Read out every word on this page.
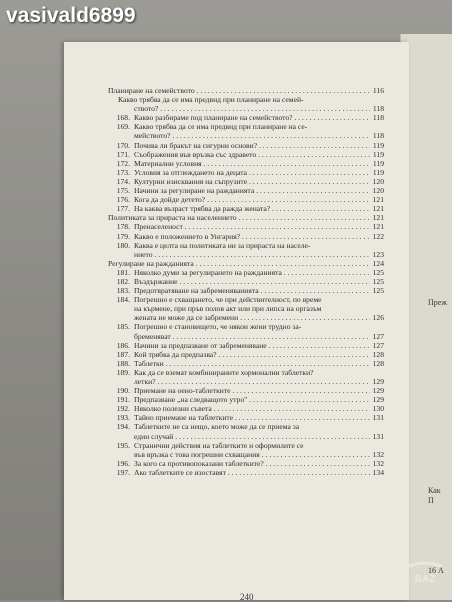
240
Планиране на семейството . . .	116
Какво трябва да се има предвид при планиране на семей-
ството? . . .	118
168. Какво разбираме под планиране на семейството? . . .	118
169. Какво трябва да се има предвид при планиране на се-
мейството? . . .	118
170. Почива ли бракът на сигурни основи? . . .	119
171. Съображения във връзка със здравето . . .	119
172. Материални условия . . .	119
173. Условия за отглеждането на децата . . .	119
174. Културни изисквания на съпрузите . . .	120
175. Начини за регулиране на ражданията . . .	120
176. Кога да дойде детето? . . .	121
177. На каква възраст трябва да ражда жената? . . .	121
Политиката за прираста на населението . . .	121
178. Пренаселеност . . .	121
179. Какво е положението в Унгария? . . .	122
180. Каква е целта на политиката ни за прираста на населе-
нието . . .	123
Регулиране на ражданията . . .	124
181. Няколко думи за регулирането на ражданията . . .	125
182. Въздържание . . .	125
183. Предотвратяване на забременяванията . . .	125
184. Погрешно е схващането, че при действителност, по време
на кърмене, при пръв полов акт или при липса на оргазъм
жената не може да се забремени . . .	126
185. Погрешно е становището, че някои жени трудно за-
бременяват . . .	127
186. Начини за предпазване от забременяване . . .	127
187. Кой трябва да предпазва? . . .	128
188. Таблетки . . .	128
189. Как да се вземат комбинираните хормонални таблетки?
летки? . . .	129
190. Приемане на оено-таблетките . . .	129
191. Предпазване „на следващото утро" . . .	129
192. Няколко полезни съвета . . .	130
193. Тайно приемане на таблетките . . .	131
194. Таблетките не са нещо, което може да се приема за
един случай . . .	131
195. Странични действия на таблетките и оформилите се
във връзка с това погрешни схващания . . .	132
196. За кого са противопоказани таблетките? . . .	132
197. Ако таблетките се изоставят . . .	134
Преж
Как
П
16 А
vasivald6899
BAZ
